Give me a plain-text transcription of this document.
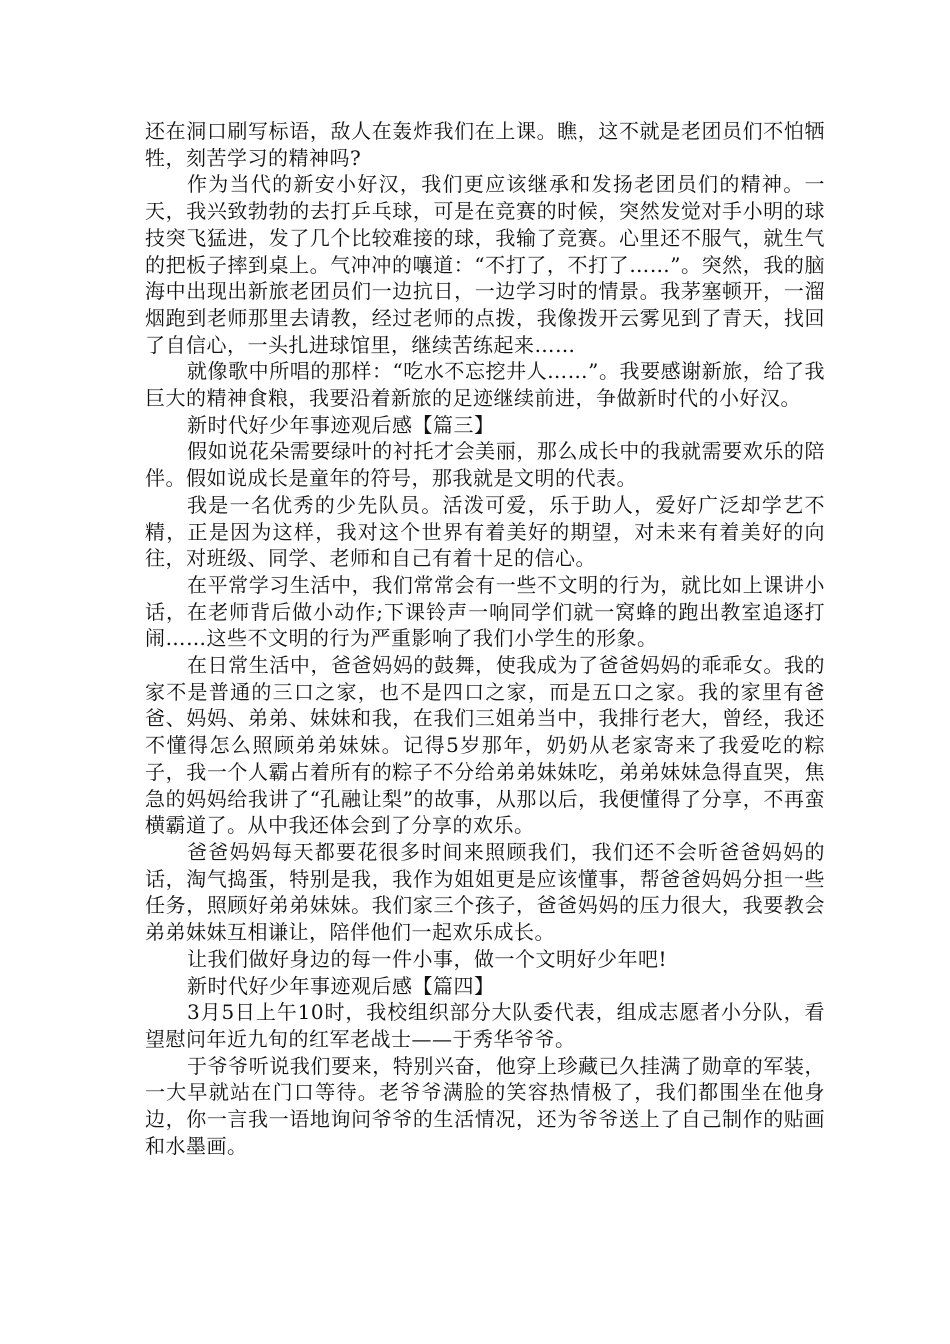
还在洞口刷写标语，敌人在轰炸我们在上课。瞧，这不就是老团员们不怕牺牲，刻苦学习的精神吗?

作为当代的新安小好汉，我们更应该继承和发扬老团员们的精神。一天，我兴致勃勃的去打乒乓球，可是在竞赛的时候，突然发觉对手小明的球技突飞猛进，发了几个比较难接的球，我输了竞赛。心里还不服气，就生气的把板子摔到桌上。气冲冲的嚷道：“不打了，不打了……”。突然，我的脑海中出现出新旅老团员们一边抗日，一边学习时的情景。我茅塞顿开，一溜烟跑到老师那里去请教，经过老师的点拨，我像拨开云雾见到了青天，找回了自信心，一头扎进球馆里，继续苦练起来……

就像歌中所唱的那样：“吃水不忘挖井人……”。我要感谢新旅，给了我巨大的精神食粮，我要沿着新旅的足迹继续前进，争做新时代的小好汉。

新时代好少年事迹观后感【篇三】

假如说花朵需要绿叶的衬托才会美丽，那么成长中的我就需要欢乐的陪伴。假如说成长是童年的符号，那我就是文明的代表。

我是一名优秀的少先队员。活泼可爱，乐于助人，爱好广泛却学艺不精，正是因为这样，我对这个世界有着美好的期望，对未来有着美好的向往，对班级、同学、老师和自己有着十足的信心。

在平常学习生活中，我们常常会有一些不文明的行为，就比如上课讲小话，在老师背后做小动作;下课铃声一响同学们就一窝蜂的跑出教室追逐打闹……这些不文明的行为严重影响了我们小学生的形象。

在日常生活中，爸爸妈妈的鼓舞，使我成为了爸爸妈妈的乖乖女。我的家不是普通的三口之家，也不是四口之家，而是五口之家。我的家里有爸爸、妈妈、弟弟、妹妹和我，在我们三姐弟当中，我排行老大，曾经，我还不懂得怎么照顾弟弟妹妹。记得5岁那年，奶奶从老家寄来了我爱吃的粽子，我一个人霸占着所有的粽子不分给弟弟妹妹吃，弟弟妹妹急得直哭，焦急的妈妈给我讲了“孔融让梨”的故事，从那以后，我便懂得了分享，不再蛮横霸道了。从中我还体会到了分享的欢乐。

爸爸妈妈每天都要花很多时间来照顾我们，我们还不会听爸爸妈妈的话，淘气捣蛋，特别是我，我作为姐姐更是应该懂事，帮爸爸妈妈分担一些任务，照顾好弟弟妹妹。我们家三个孩子，爸爸妈妈的压力很大，我要教会弟弟妹妹互相谦让，陪伴他们一起欢乐成长。

让我们做好身边的每一件小事，做一个文明好少年吧!

新时代好少年事迹观后感【篇四】

3月5日上午10时，我校组织部分大队委代表，组成志愿者小分队，看望慰问年近九旬的红军老战士——于秀华爷爷。

于爷爷听说我们要来，特别兴奋，他穿上珍藏已久挂满了勋章的军装，一大早就站在门口等待。老爷爷满脸的笑容热情极了，我们都围坐在他身边，你一言我一语地询问爷爷的生活情况，还为爷爷送上了自己制作的贴画和水墨画。
